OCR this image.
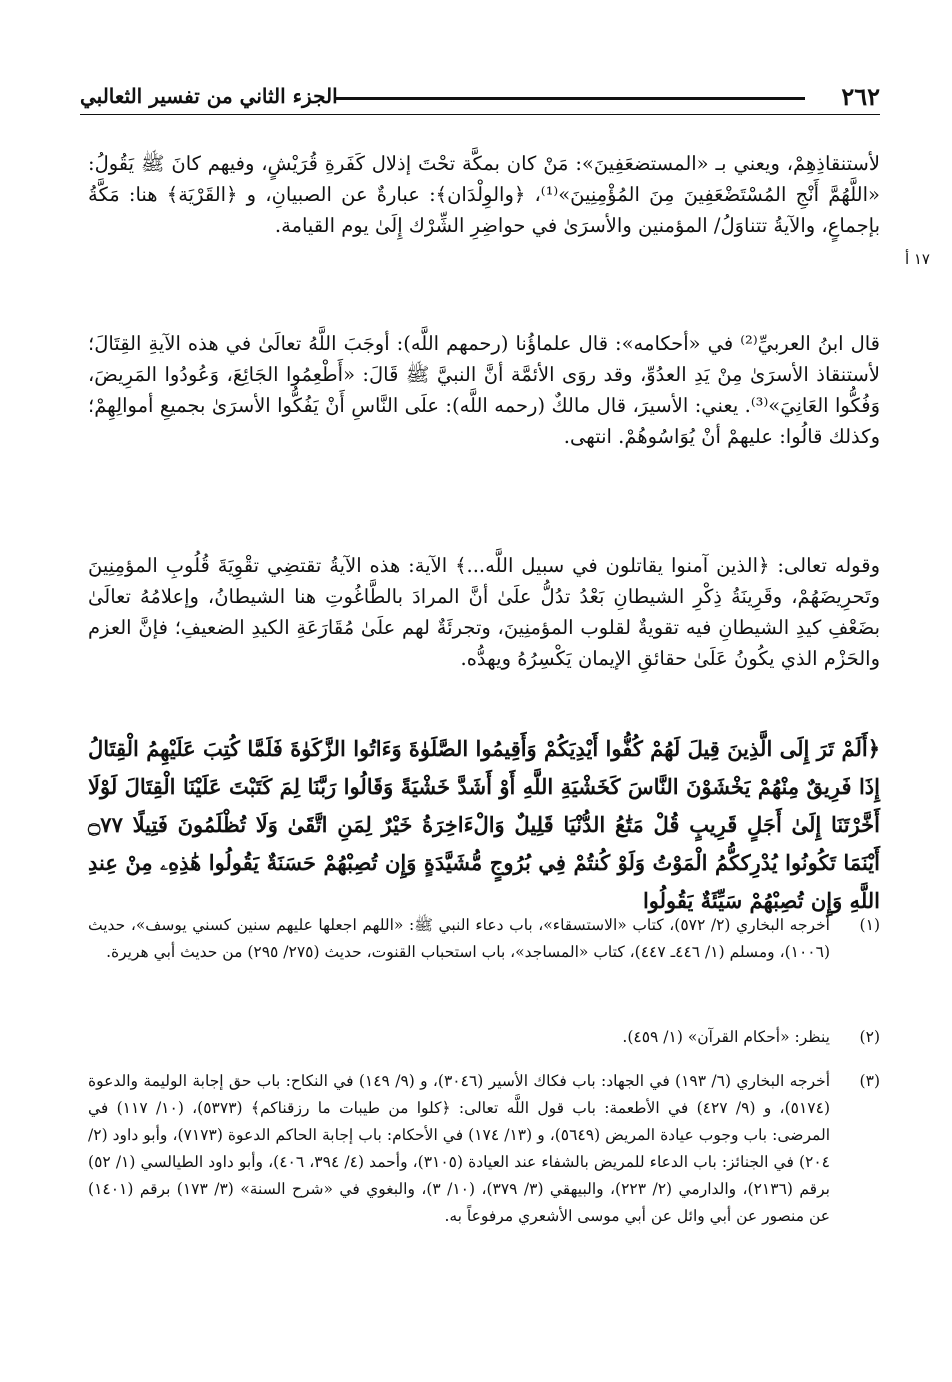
٢٦٢
الجزء الثاني من تفسير الثعالبي
١٧ أ
لأستنقاذِهِمْ، ويعني بـ «المستضعَفِينَ»: مَنْ كان بمكَّة تحْتَ إذلال كَفَرةِ قُرَيْشٍ، وفيهم كانَ ﷺ يَقُولُ: «اللَّهُمَّ أَنْجِ المُسْتَضْعَفِينَ مِنَ المُؤْمِنِينَ»⁽¹⁾، ﴿والوِلْدَان﴾: عبارةٌ عن الصبيانِ، و ﴿القَرْيَة﴾ هنا: مَكَّةُ بإجماعٍ، والآيةُ تتناوَلُ/ المؤمنين والأسرَىٰ في حواضِرِ الشِّرْك إِلَىٰ يوم القيامة.
قال ابنُ العربيِّ⁽²⁾ في «أحكامه»: قال علماؤُنا (رحمهم اللَّه): أوجَبَ اللَّهُ تعالَىٰ في هذه الآيةِ القِتَالَ؛ لأستنقاذ الأسرَىٰ مِنْ يَدِ العدُوِّ، وقد روَى الأئمَّة أنَّ النبيَّ ﷺ قَالَ: «أَطْعِمُوا الجَائِعَ، وَعُودُوا المَرِيضَ، وَفُكُّوا العَانِيَ»⁽³⁾. يعني: الأسيرَ، قال مالكٌ (رحمه اللَّه): علَى النَّاسِ أَنْ يَفُكُّوا الأسرَىٰ بجميعِ أموالِهِمْ؛ وكذلك قالُوا: عليهمْ أنْ يُوَاسُوهُمْ. انتهى.
وقوله تعالى: ﴿الذين آمنوا يقاتلون في سبيل اللَّه...﴾ الآية: هذه الآيةُ تقتضِي تقْوِيَةَ قُلُوبِ المؤمِنِينَ وتَحرِيضَهُمْ، وقَرِينَةُ ذِكْرِ الشيطانِ بَعْدُ تدُلُّ علَىٰ أنَّ المرادَ بالطَّاغُوتِ هنا الشيطانُ، وإعلامُهُ تعالَىٰ بضَعْفِ كيدِ الشيطانِ فيه تقويةٌ لقلوب المؤمنِينَ، وتجرئَةٌ لهم علَىٰ مُقَارَعَةِ الكيدِ الضعيفِ؛ فإنَّ العزم والحَزْم الذي يكُونُ عَلَىٰ حقائقِ الإيمان يَكْسِرُهُ ويهدُّه.
﴿أَلَمْ تَرَ إِلَى الَّذِينَ قِيلَ لَهُمْ كُفُّوا أَيْدِيَكُمْ وَأَقِيمُوا الصَّلَوٰةَ وَءَاتُوا الزَّكَوٰةَ فَلَمَّا كُتِبَ عَلَيْهِمُ الْقِتَالُ إِذَا فَرِيقٌ مِنْهُمْ يَخْشَوْنَ النَّاسَ كَخَشْيَةِ اللَّهِ أَوْ أَشَدَّ خَشْيَةً وَقَالُوا رَبَّنَا لِمَ كَتَبْتَ عَلَيْنَا الْقِتَالَ لَوْلَا أَخَّرْتَنَا إِلَىٰ أَجَلٍ قَرِيبٍ قُلْ مَتَٰعُ الدُّنْيَا قَلِيلٌ وَالْءَاخِرَةُ خَيْرٌ لِمَنِ اتَّقَىٰ وَلَا تُظْلَمُونَ فَتِيلًا ۝٧٧ أَيْنَمَا تَكُونُوا يُدْرِككُّمُ الْمَوْتُ وَلَوْ كُنتُمْ فِي بُرُوجٍ مُّشَيَّدَةٍ وَإِن تُصِبْهُمْ حَسَنَةٌ يَقُولُوا هَٰذِهِۦ مِنْ عِندِ اللَّهِ وَإِن تُصِبْهُمْ سَيِّئَةٌ يَقُولُوا
(١)
أخرجه البخاري (٢/ ٥٧٢)، كتاب «الاستسقاء»، باب دعاء النبي ﷺ: «اللهم اجعلها عليهم سنين كسني يوسف»، حديث (١٠٠٦)، ومسلم (١/ ٤٤٦ـ ٤٤٧)، كتاب «المساجد»، باب استحباب القنوت، حديث (٢٧٥/ ٢٩٥) من حديث أبي هريرة.
(٢)
ينظر: «أحكام القرآن» (١/ ٤٥٩).
(٣)
أخرجه البخاري (٦/ ١٩٣) في الجهاد: باب فكاك الأسير (٣٠٤٦)، و (٩/ ١٤٩) في النكاح: باب حق إجابة الوليمة والدعوة (٥١٧٤)، و (٩/ ٤٢٧) في الأطعمة: باب قول اللَّه تعالى: ﴿كلوا من طيبات ما رزقناكم﴾ (٥٣٧٣)، (١٠/ ١١٧) في المرضى: باب وجوب عيادة المريض (٥٦٤٩)، و (١٣/ ١٧٤) في الأحكام: باب إجابة الحاكم الدعوة (٧١٧٣)، وأبو داود (٢/ ٢٠٤) في الجنائز: باب الدعاء للمريض بالشفاء عند العيادة (٣١٠٥)، وأحمد (٤/ ٣٩٤، ٤٠٦)، وأبو داود الطيالسي (١/ ٥٢) برقم (٢١٣٦)، والدارمي (٢/ ٢٢٣)، والبيهقي (٣/ ٣٧٩)، (١٠/ ٣)، والبغوي في «شرح السنة» (٣/ ١٧٣) برقم (١٤٠١) عن منصور عن أبي وائل عن أبي موسى الأشعري مرفوعاً به.
